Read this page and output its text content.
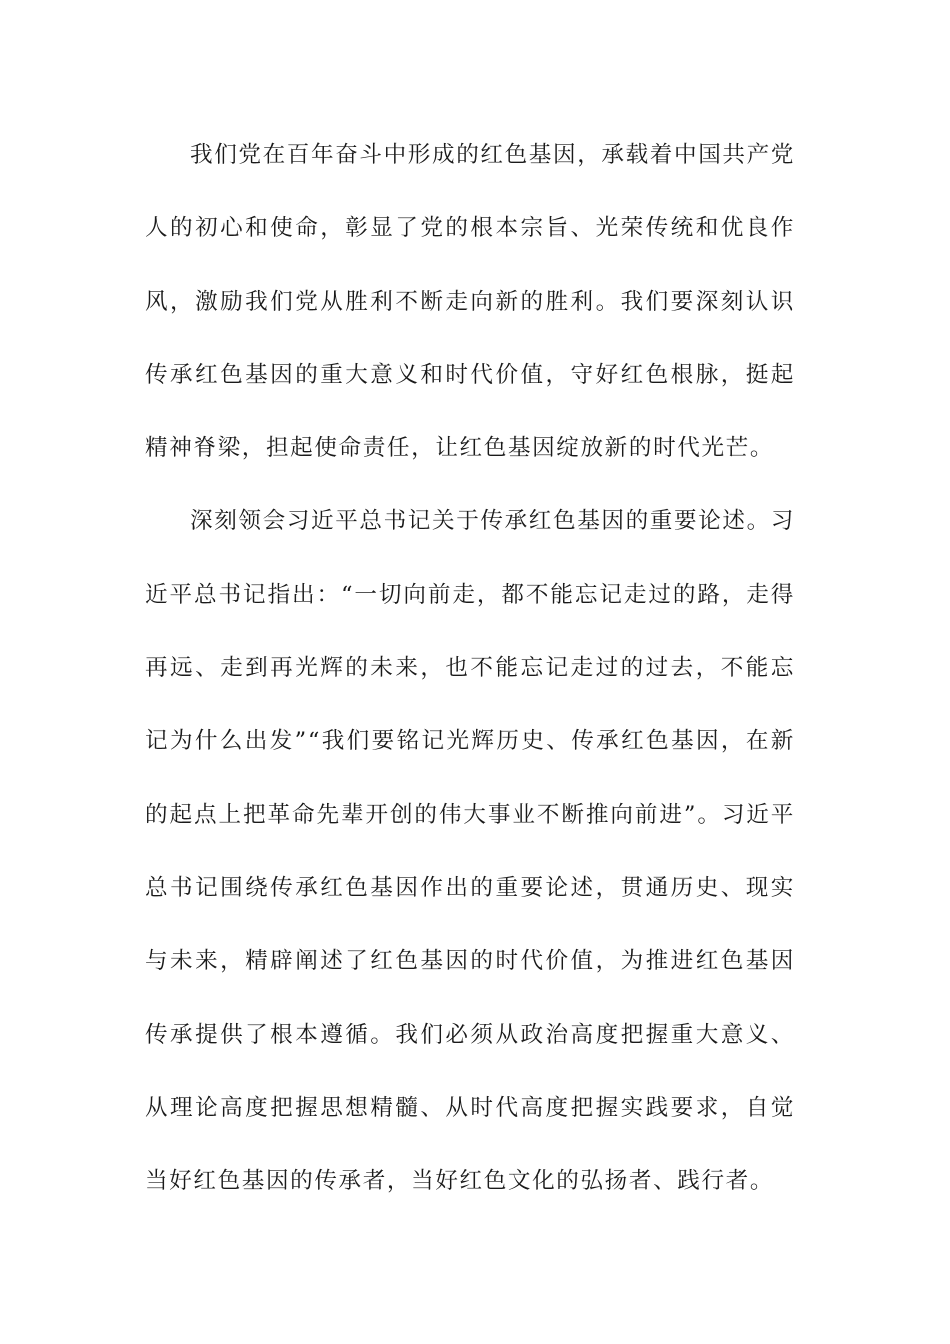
我们党在百年奋斗中形成的红色基因，承载着中国共产党人的初心和使命，彰显了党的根本宗旨、光荣传统和优良作风，激励我们党从胜利不断走向新的胜利。我们要深刻认识传承红色基因的重大意义和时代价值，守好红色根脉，挺起精神脊梁，担起使命责任，让红色基因绽放新的时代光芒。

深刻领会习近平总书记关于传承红色基因的重要论述。习近平总书记指出：“一切向前走，都不能忘记走过的路，走得再远、走到再光辉的未来，也不能忘记走过的过去，不能忘记为什么出发”“我们要铭记光辉历史、传承红色基因，在新的起点上把革命先辈开创的伟大事业不断推向前进”。习近平总书记围绕传承红色基因作出的重要论述，贯通历史、现实与未来，精辟阐述了红色基因的时代价值，为推进红色基因传承提供了根本遵循。我们必须从政治高度把握重大意义、从理论高度把握思想精髓、从时代高度把握实践要求，自觉当好红色基因的传承者，当好红色文化的弘扬者、践行者。
